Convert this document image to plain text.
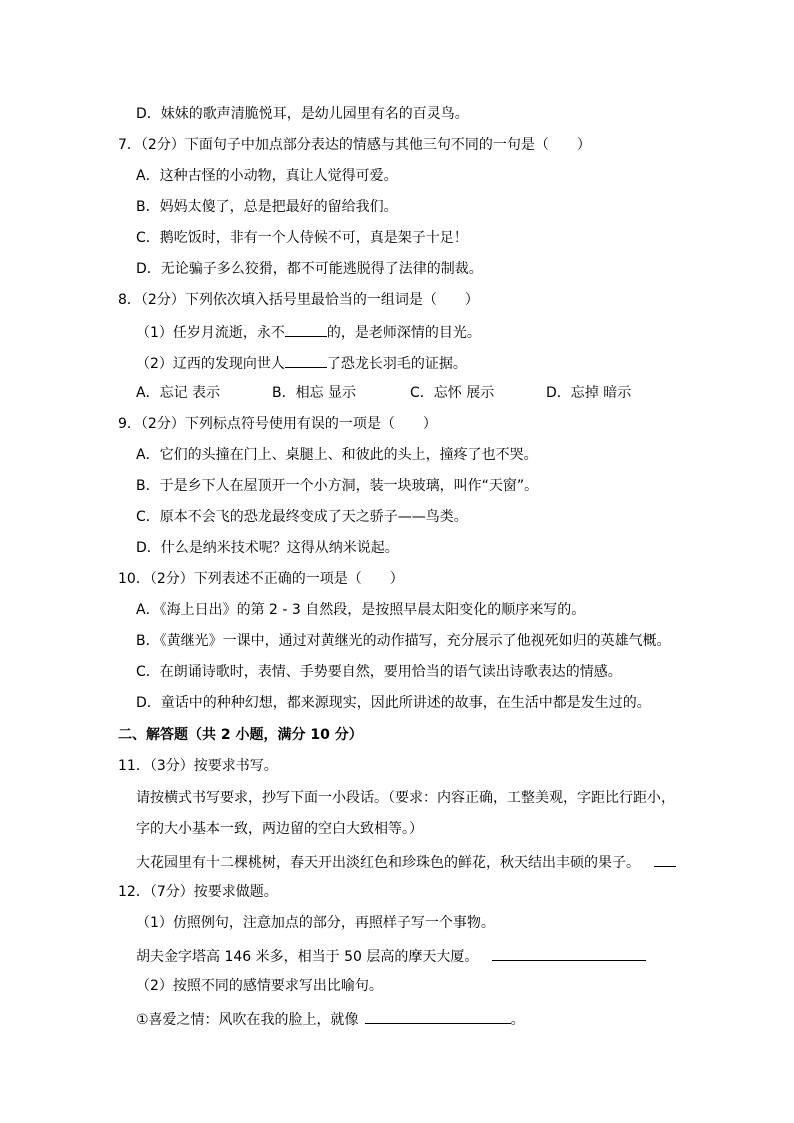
D．妹妹的歌声清脆悦耳，是幼儿园里有名的百灵鸟。
7．（2分）下面句子中加点部分表达的情感与其他三句不同的一句是（　　）
A．这种古怪的小动物，真让人觉得可爱。
B．妈妈太傻了，总是把最好的留给我们。
C．鹅吃饭时，非有一个人侍候不可，真是架子十足！
D．无论骗子多么狡猾，都不可能逃脱得了法律的制裁。
8．（2分）下列依次填入括号里最恰当的一组词是（　　）
（1）任岁月流逝，永不	的，是老师深情的目光。
（2）辽西的发现向世人	了恐龙长羽毛的证据。
A．忘记 表示	B．相忘 显示	C．忘怀 展示	D．忘掉 暗示
9．（2分）下列标点符号使用有误的一项是（　　）
A．它们的头撞在门上、桌腿上、和彼此的头上，撞疼了也不哭。
B．于是乡下人在屋顶开一个小方洞，装一块玻璃，叫作“天窗”。
C．原本不会飞的恐龙最终变成了天之骄子——鸟类。
D．什么是纳米技术呢？这得从纳米说起。
10．（2分）下列表述不正确的一项是（　　）
A．《海上日出》的第 2 - 3 自然段，是按照早晨太阳变化的顺序来写的。
B．《黄继光》一课中，通过对黄继光的动作描写，充分展示了他视死如归的英雄气概。
C．在朗诵诗歌时，表情、手势要自然，要用恰当的语气读出诗歌表达的情感。
D．童话中的种种幻想，都来源现实，因此所讲述的故事，在生活中都是发生过的。
二、解答题（共 2 小题，满分 10 分）
11．（3分）按要求书写。
请按横式书写要求，抄写下面一小段话。（要求：内容正确，工整美观，字距比行距小，
字的大小基本一致，两边留的空白大致相等。）
大花园里有十二棵桃树，春天开出淡红色和珍珠色的鲜花，秋天结出丰硕的果子。
12．（7分）按要求做题。
（1）仿照例句，注意加点的部分，再照样子写一个事物。
胡夫金字塔高 146 米多，相当于 50 层高的摩天大厦。
（2）按照不同的感情要求写出比喻句。
①喜爱之情：风吹在我的脸上，就像	。
